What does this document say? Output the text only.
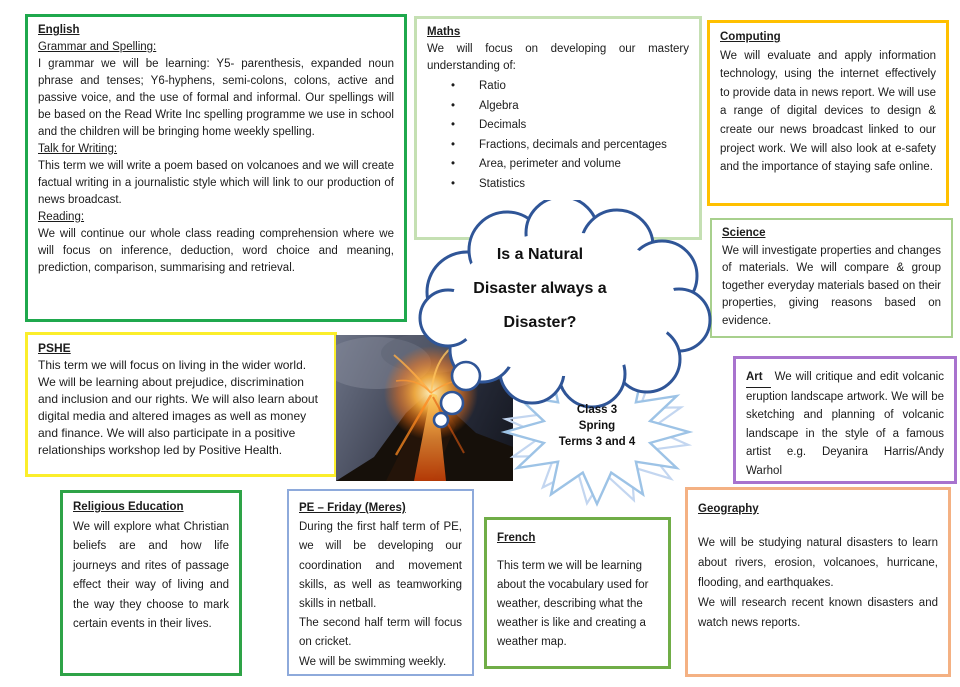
English

Grammar and Spelling:

I grammar we will be learning: Y5- parenthesis, expanded noun phrase and tenses; Y6-hyphens, semi-colons, colons, active and passive voice, and the use of formal and informal. Our spellings will be based on the Read Write Inc spelling programme we use in school and the children will be bringing home weekly spelling.

Talk for Writing:

This term we will write a poem based on volcanoes and we will create factual writing in a journalistic style which will link to our production of news broadcast.

Reading:

We will continue our whole class reading comprehension where we will focus on inference, deduction, word choice and meaning, prediction, comparison, summarising and retrieval.

Maths

We will focus on developing our mastery understanding of:

• Ratio
• Algebra
• Decimals
• Fractions, decimals and percentages
• Area, perimeter and volume
• Statistics
Computing

We will evaluate and apply information technology, using the internet effectively to provide data in news report. We will use a range of digital devices to design & create our news broadcast linked to our project work. We will also look at e-safety and the importance of staying safe online.

Science

We will investigate properties and changes of materials. We will compare & group together everyday materials based on their properties, giving reasons based on evidence.

Art We will critique and edit volcanic eruption landscape artwork. We will be sketching and planning of volcanic landscape in the style of a famous artist e.g. Deyanira Harris/Andy Warhol

PSHE

This term we will focus on living in the wider world. We will be learning about prejudice, discrimination and inclusion and our rights. We will also learn about digital media and altered images as well as money and finance. We will also participate in a positive relationships workshop led by Positive Health.

Class 3
Spring
Terms 3 and 4
Is a Natural
Disaster always a
Disaster?
Religious Education

We will explore what Christian beliefs are and how life journeys and rites of passage effect their way of living and the way they choose to mark certain events in their lives.

PE – Friday (Meres)

During the first half term of PE, we will be developing our coordination and movement skills, as well as teamworking skills in netball.

The second half term will focus on cricket.

We will be swimming weekly.

French

This term we will be learning about the vocabulary used for weather, describing what the weather is like and creating a weather map.

Geography

We will be studying natural disasters to learn about rivers, erosion, volcanoes, hurricane, flooding, and earthquakes.

We will research recent known disasters and watch news reports.
